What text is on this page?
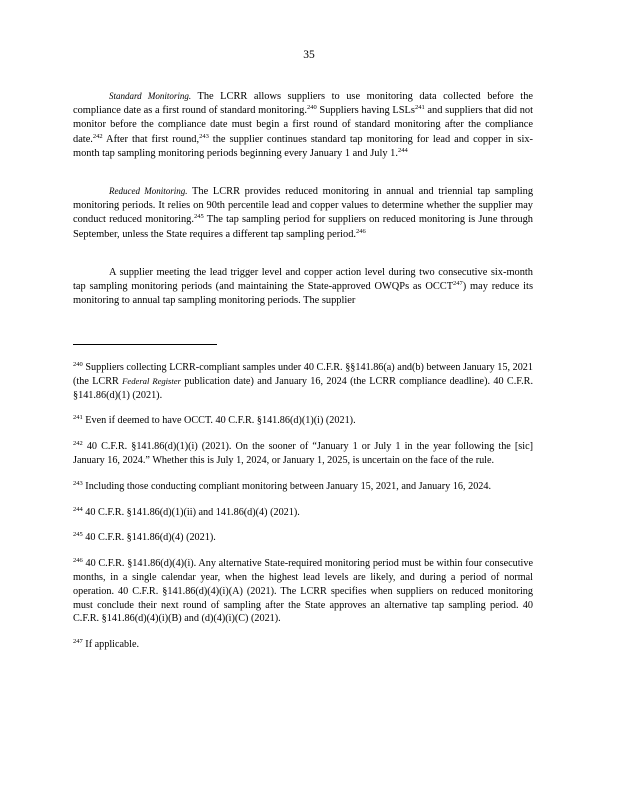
35

Standard Monitoring. The LCRR allows suppliers to use monitoring data collected before the compliance date as a first round of standard monitoring.$^{240}$ Suppliers having LSLs$^{241}$ and suppliers that did not monitor before the compliance date must begin a first round of standard monitoring after the compliance date.$^{242}$ After that first round,$^{243}$ the supplier continues standard tap monitoring for lead and copper in six-month tap sampling monitoring periods beginning every January 1 and July 1.$^{244}$

Reduced Monitoring. The LCRR provides reduced monitoring in annual and triennial tap sampling monitoring periods. It relies on 90th percentile lead and copper values to determine whether the supplier may conduct reduced monitoring.$^{245}$ The tap sampling period for suppliers on reduced monitoring is June through September, unless the State requires a different tap sampling period.$^{246}$

A supplier meeting the lead trigger level and copper action level during two consecutive six-month tap sampling monitoring periods (and maintaining the State-approved OWQPs as OCCT$^{247}$) may reduce its monitoring to annual tap sampling monitoring periods. The supplier

$^{240}$ Suppliers collecting LCRR-compliant samples under 40 C.F.R. §§141.86(a) and(b) between January 15, 2021 (the LCRR Federal Register publication date) and January 16, 2024 (the LCRR compliance deadline). 40 C.F.R. §141.86(d)(1) (2021).

$^{241}$ Even if deemed to have OCCT. 40 C.F.R. §141.86(d)(1)(i) (2021).

$^{242}$ 40 C.F.R. §141.86(d)(1)(i) (2021). On the sooner of “January 1 or July 1 in the year following the [sic] January 16, 2024.” Whether this is July 1, 2024, or January 1, 2025, is uncertain on the face of the rule.

$^{243}$ Including those conducting compliant monitoring between January 15, 2021, and January 16, 2024.

$^{244}$ 40 C.F.R. §141.86(d)(1)(ii) and 141.86(d)(4) (2021).

$^{245}$ 40 C.F.R. §141.86(d)(4) (2021).

$^{246}$ 40 C.F.R. §141.86(d)(4)(i). Any alternative State-required monitoring period must be within four consecutive months, in a single calendar year, when the highest lead levels are likely, and during a period of normal operation. 40 C.F.R. §141.86(d)(4)(i)(A) (2021). The LCRR specifies when suppliers on reduced monitoring must conclude their next round of sampling after the State approves an alternative tap sampling period. 40 C.F.R. §141.86(d)(4)(i)(B) and (d)(4)(i)(C) (2021).

$^{247}$ If applicable.
